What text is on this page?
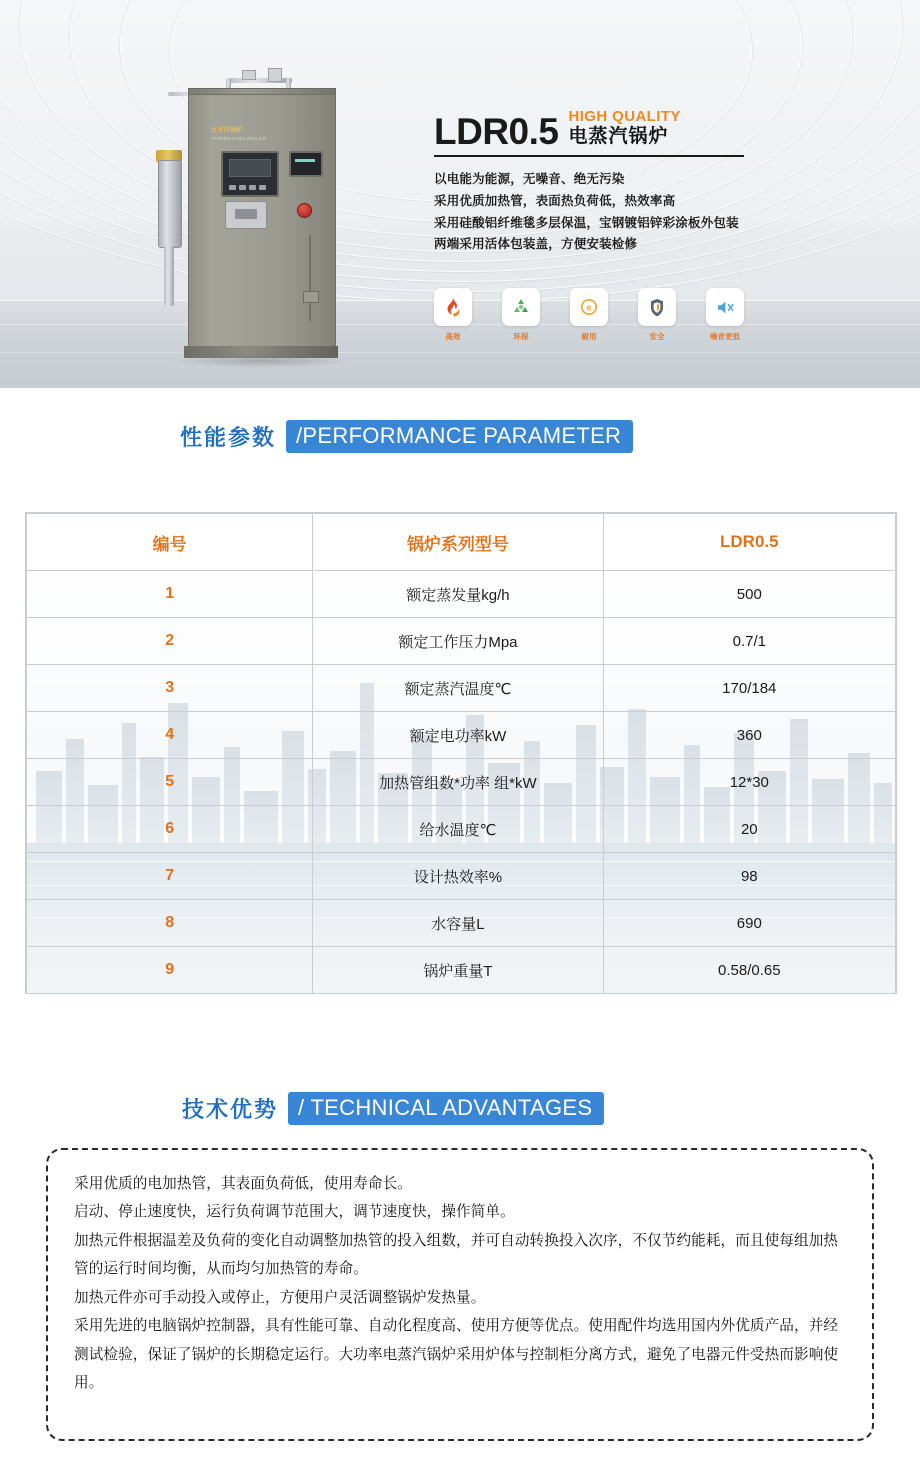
太平洋锅炉
TAIPINGYANG BOILER	LDR0.5 HIGH QUALITY
电蒸汽锅炉
以电能为能源，无噪音、绝无污染
采用优质加热管，表面热负荷低，热效率高
采用硅酸铝纤维毯多层保温，宝钢镀铝锌彩涂板外包装
两端采用活体包装盖，方便安装检修
高效	环保
e
耐用	安全	噪音更低
性能参数 /PERFORMANCE PARAMETER
编号	锅炉系列型号	LDR0.5
1	额定蒸发量kg/h	500
2	额定工作压力Mpa	0.7/1
3	额定蒸汽温度℃	170/184
4	额定电功率kW	360
5	加热管组数*功率 组*kW	12*30
6	给水温度℃	20
7	设计热效率%	98
8	水容量L	690
9	锅炉重量T	0.58/0.65
技术优势 / TECHNICAL ADVANTAGES

采用优质的电加热管，其表面负荷低，使用寿命长。

启动、停止速度快，运行负荷调节范围大，调节速度快，操作简单。

加热元件根据温差及负荷的变化自动调整加热管的投入组数，并可自动转换投入次序，不仅节约能耗，而且使每组加热管的运行时间均衡，从而均匀加热管的寿命。

加热元件亦可手动投入或停止，方便用户灵活调整锅炉发热量。

采用先进的电脑锅炉控制器，具有性能可靠、自动化程度高、使用方便等优点。使用配件均选用国内外优质产品，并经测试检验，保证了锅炉的长期稳定运行。大功率电蒸汽锅炉采用炉体与控制柜分离方式，避免了电器元件受热而影响使用。
